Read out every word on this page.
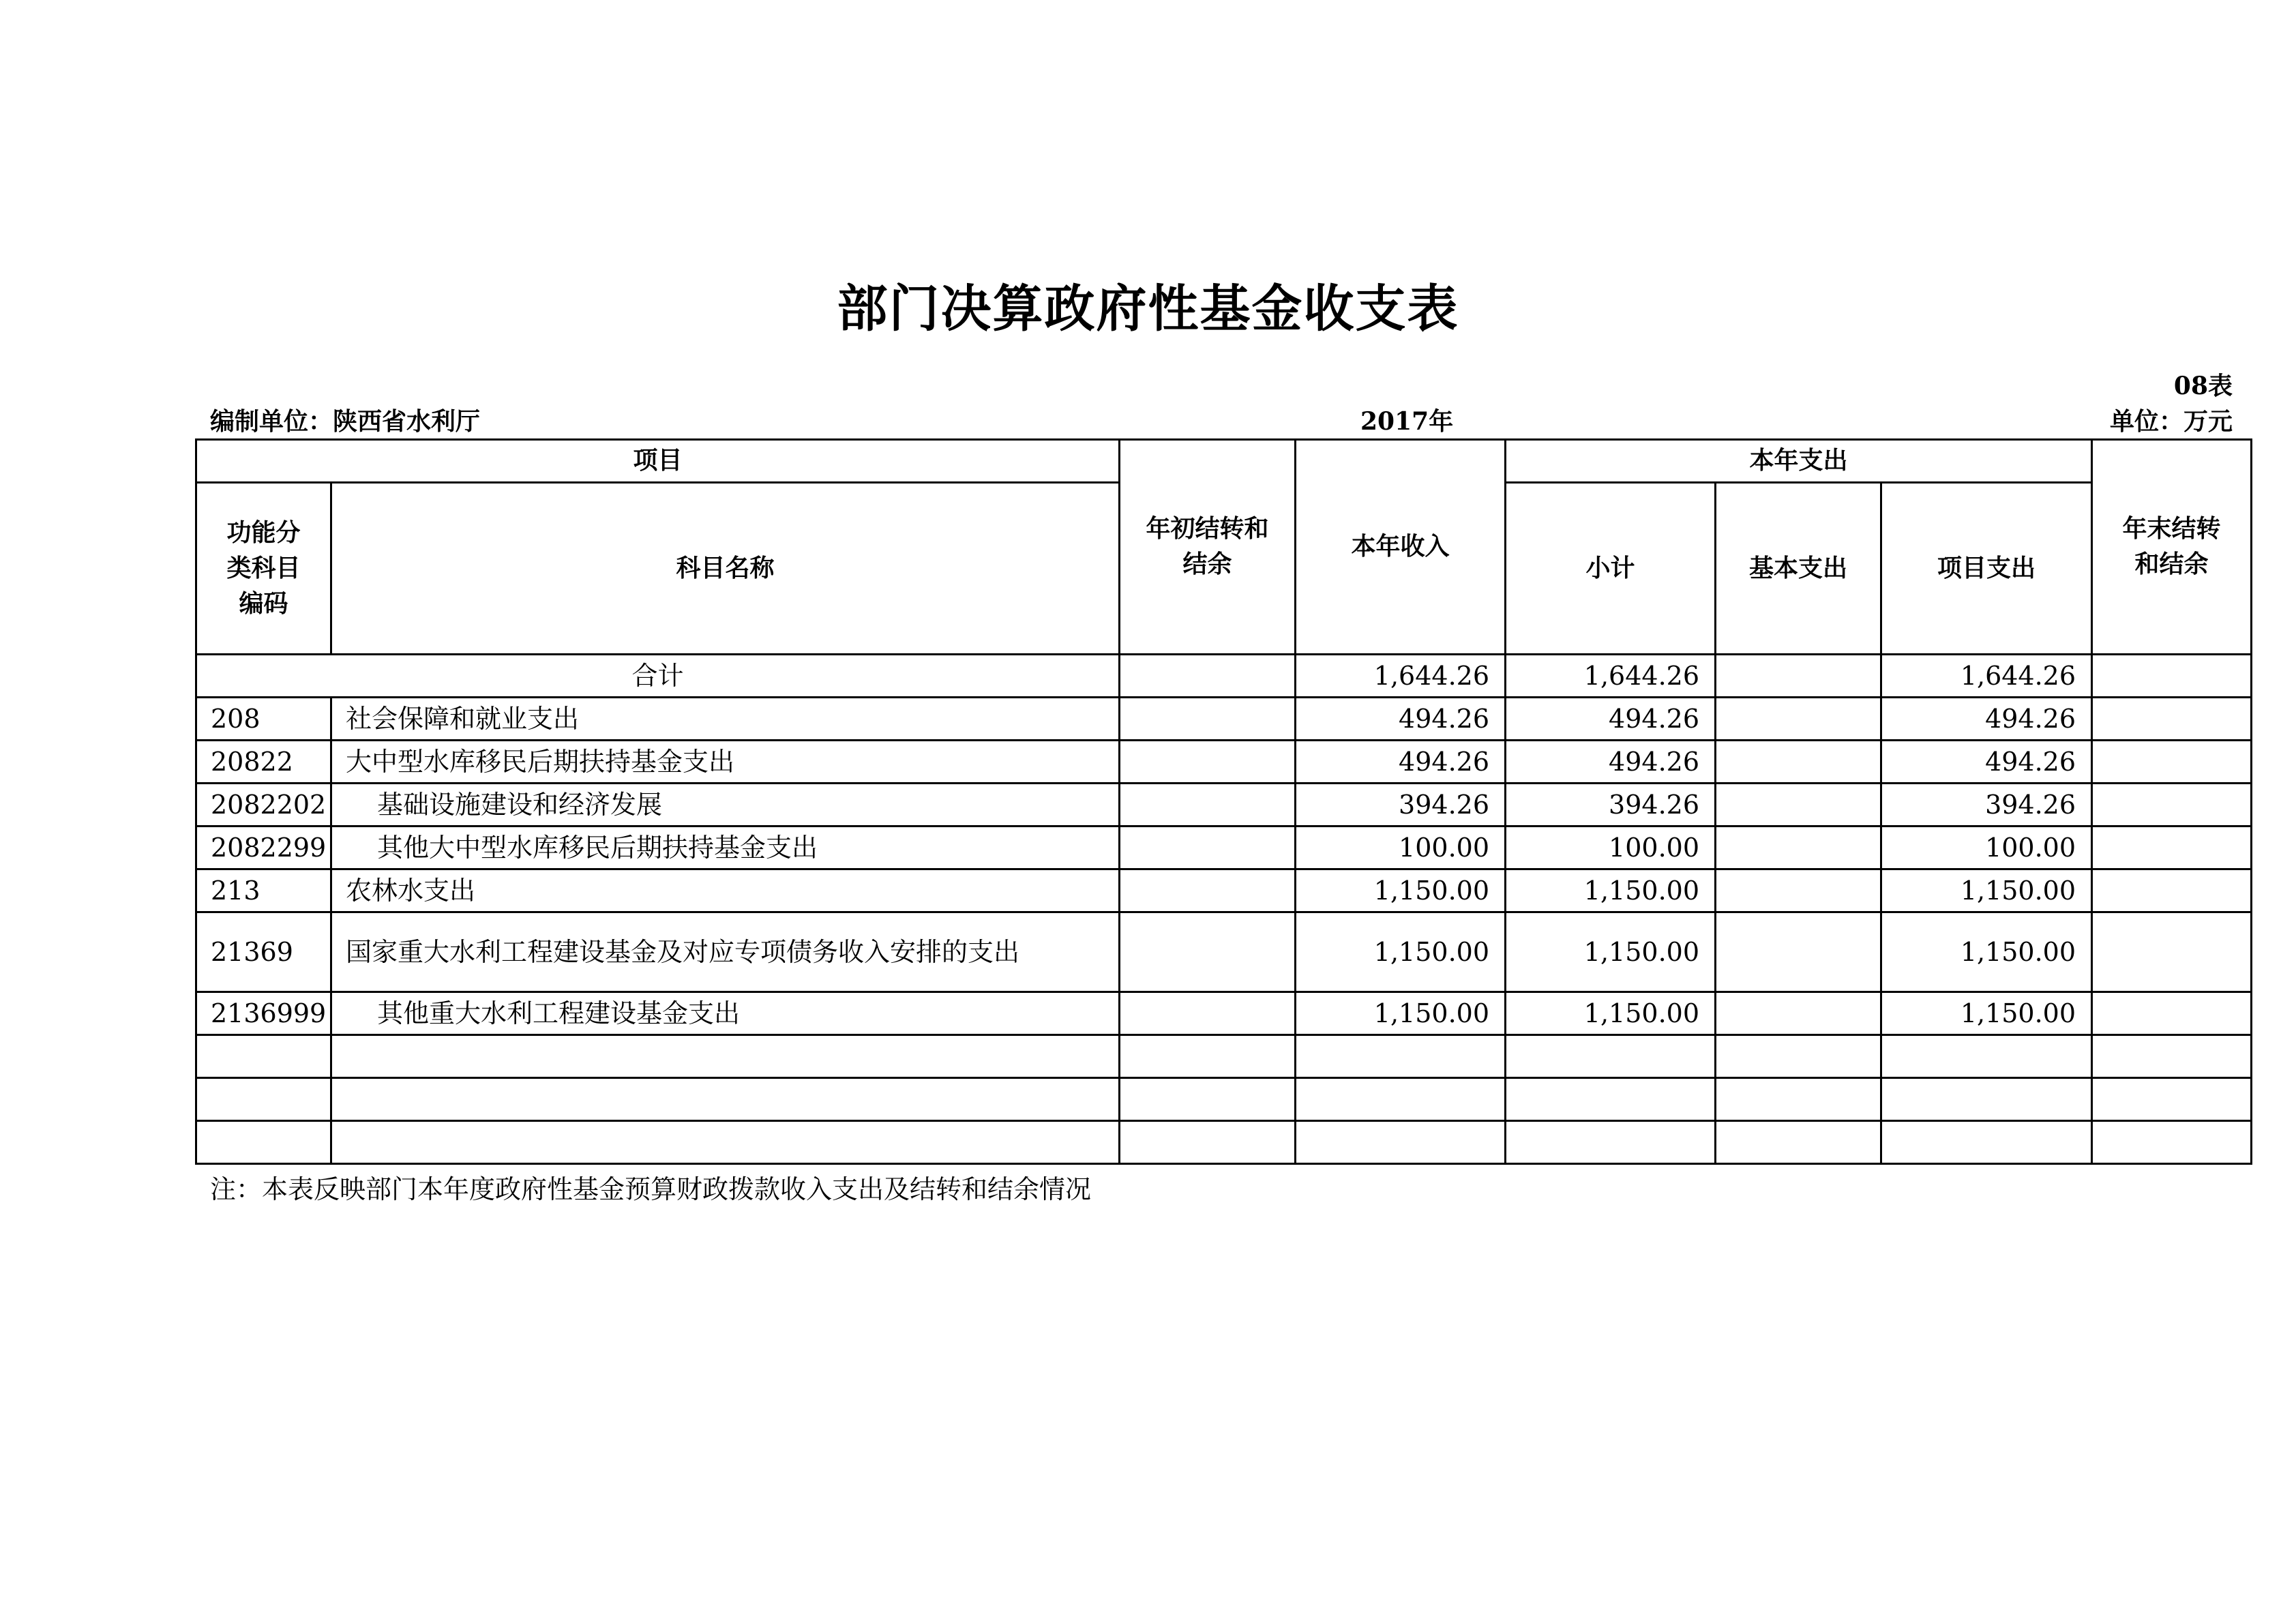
部门决算政府性基金收支表
08表
编制单位：陕西省水利厅	2017年	单位：万元
项目		年初结转和结余	本年收入	本年支出			年末结转和结余

功能分类科目编码	科目名称			小计	基本支出	项目支出	
合计			1,644.26	1,644.26		1,644.26	
208	社会保障和就业支出		494.26	494.26		494.26	
20822	大中型水库移民后期扶持基金支出		494.26	494.26		494.26	
2082202	基础设施建设和经济发展		394.26	394.26		394.26	
2082299	其他大中型水库移民后期扶持基金支出		100.00	100.00		100.00	
213	农林水支出		1,150.00	1,150.00		1,150.00	
21369	国家重大水利工程建设基金及对应专项债务收入安排的支出		1,150.00	1,150.00		1,150.00	
2136999	其他重大水利工程建设基金支出		1,150.00	1,150.00		1,150.00	

注：本表反映部门本年度政府性基金预算财政拨款收入支出及结转和结余情况
